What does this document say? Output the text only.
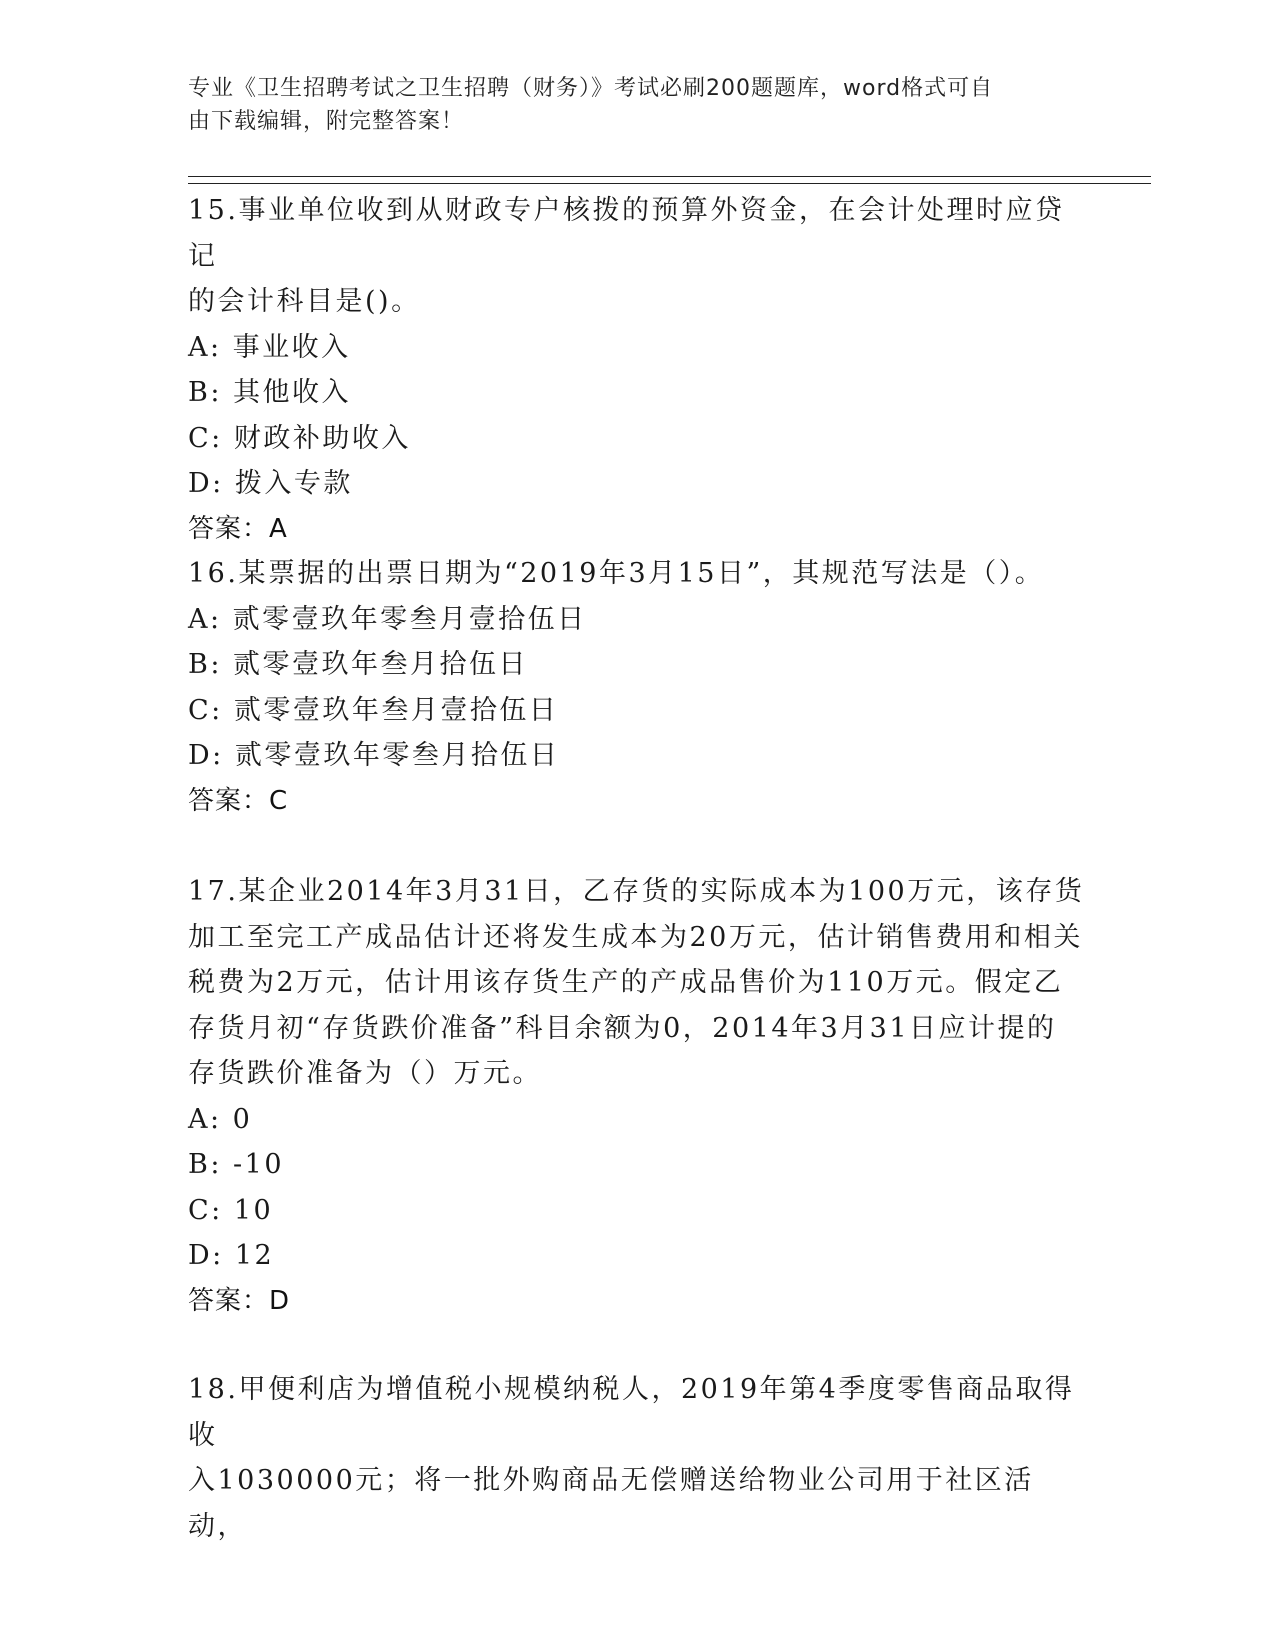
专业《卫生招聘考试之卫生招聘（财务）》考试必刷200题题库，word格式可自
由下载编辑，附完整答案！

15.事业单位收到从财政专户核拨的预算外资金，在会计处理时应贷记

的会计科目是()。

A: 事业收入

B: 其他收入

C: 财政补助收入

D: 拨入专款

答案：A

16.某票据的出票日期为“2019年3月15日”，其规范写法是（）。

A: 贰零壹玖年零叁月壹拾伍日

B: 贰零壹玖年叁月拾伍日

C: 贰零壹玖年叁月壹拾伍日

D: 贰零壹玖年零叁月拾伍日

答案：C

17.某企业2014年3月31日，乙存货的实际成本为100万元，该存货

加工至完工产成品估计还将发生成本为20万元，估计销售费用和相关

税费为2万元，估计用该存货生产的产成品售价为110万元。假定乙

存货月初“存货跌价准备”科目余额为0，2014年3月31日应计提的

存货跌价准备为（）万元。

A: 0

B: -10

C: 10

D: 12

答案：D

18.甲便利店为增值税小规模纳税人，2019年第4季度零售商品取得收

入1030000元；将一批外购商品无偿赠送给物业公司用于社区活动，
